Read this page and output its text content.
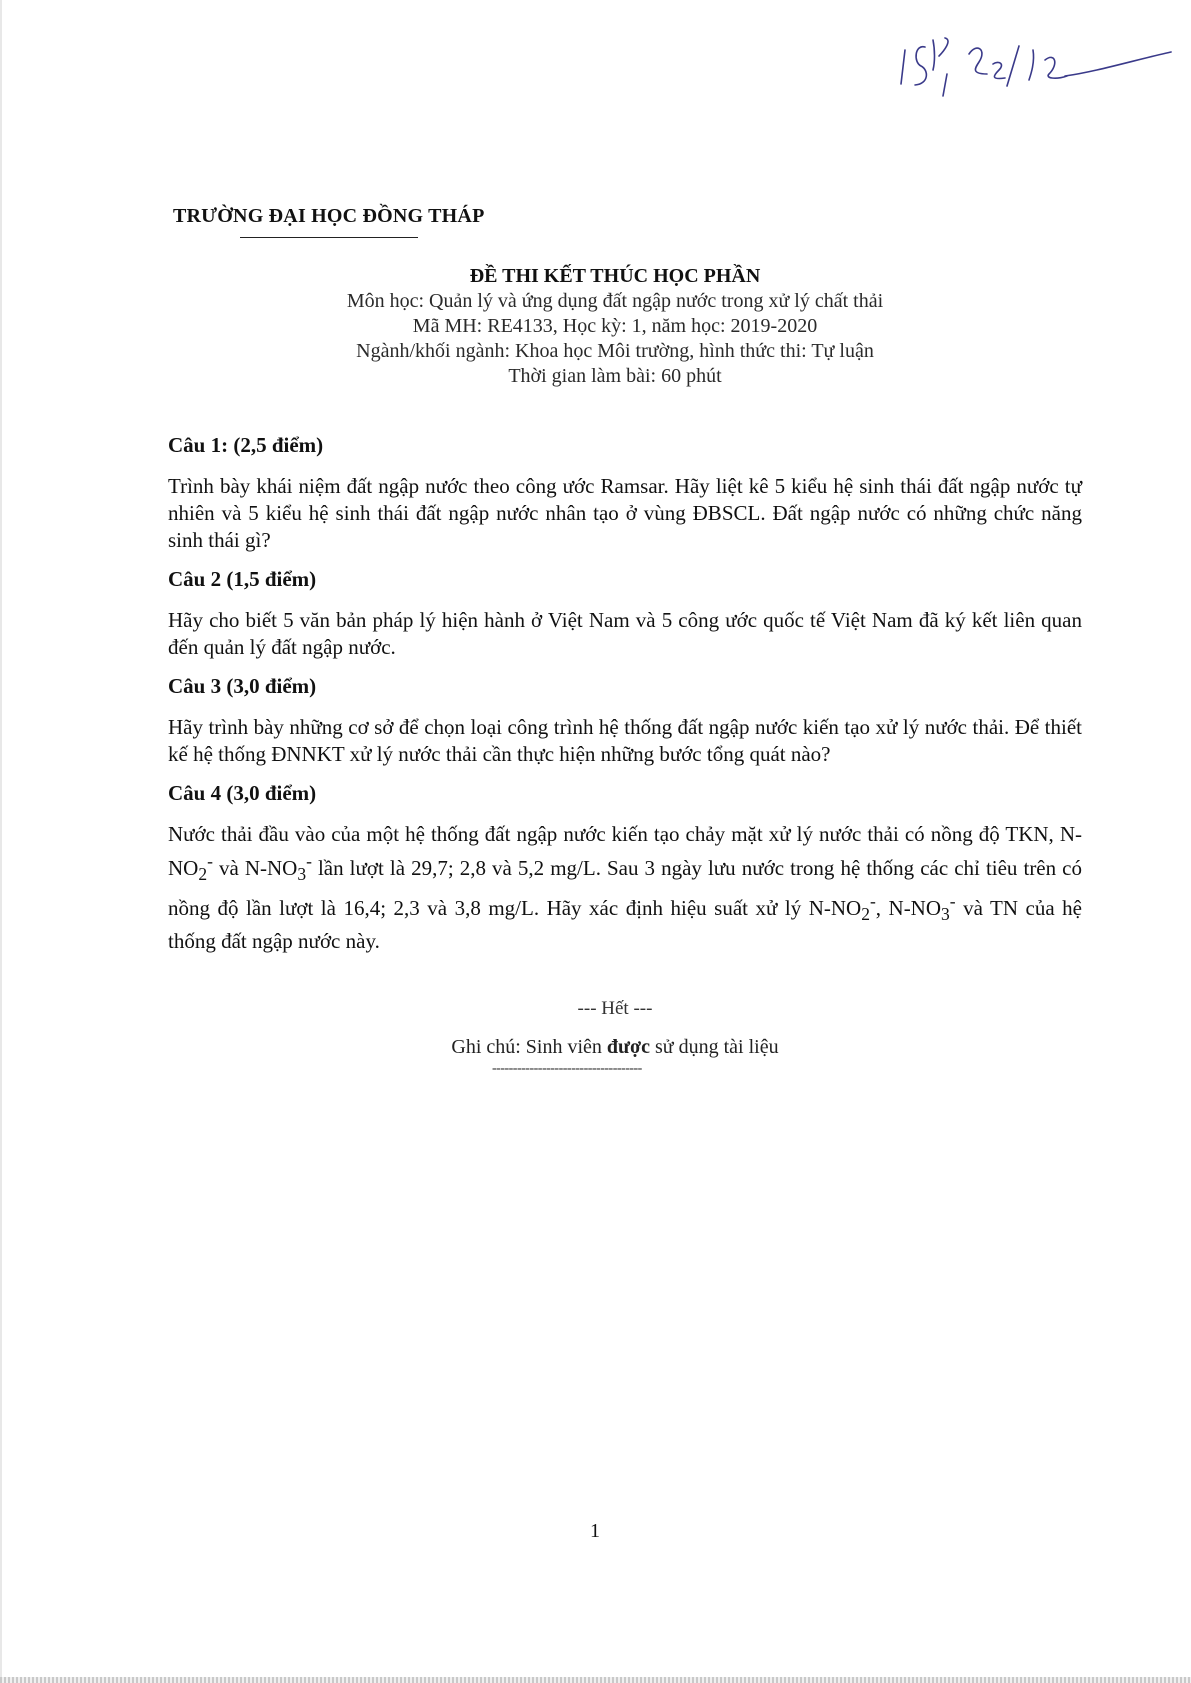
TRƯỜNG ĐẠI HỌC ĐỒNG THÁP
ĐỀ THI KẾT THÚC HỌC PHẦN
Môn học: Quản lý và ứng dụng đất ngập nước trong xử lý chất thải
Mã MH: RE4133, Học kỳ: 1, năm học: 2019-2020
Ngành/khối ngành: Khoa học Môi trường, hình thức thi: Tự luận
Thời gian làm bài: 60 phút
Câu 1: (2,5 điểm)

Trình bày khái niệm đất ngập nước theo công ước Ramsar. Hãy liệt kê 5 kiểu hệ sinh thái đất ngập nước tự nhiên và 5 kiểu hệ sinh thái đất ngập nước nhân tạo ở vùng ĐBSCL. Đất ngập nước có những chức năng sinh thái gì?

Câu 2 (1,5 điểm)

Hãy cho biết 5 văn bản pháp lý hiện hành ở Việt Nam và 5 công ước quốc tế Việt Nam đã ký kết liên quan đến quản lý đất ngập nước.

Câu 3 (3,0 điểm)

Hãy trình bày những cơ sở để chọn loại công trình hệ thống đất ngập nước kiến tạo xử lý nước thải. Để thiết kế hệ thống ĐNNKT xử lý nước thải cần thực hiện những bước tổng quát nào?

Câu 4 (3,0 điểm)

Nước thải đầu vào của một hệ thống đất ngập nước kiến tạo chảy mặt xử lý nước thải có nồng độ TKN, $N-NO_2^-$ và $N-NO_3^-$ lần lượt là 29,7; 2,8 và 5,2 mg/L. Sau 3 ngày lưu nước trong hệ thống các chỉ tiêu trên có nồng độ lần lượt là 16,4; 2,3 và 3,8 mg/L. Hãy xác định hiệu suất xử lý $N-NO_2^-$, $N-NO_3^-$ và TN của hệ thống đất ngập nước này.

--- Hết ---
Ghi chú: Sinh viên được sử dụng tài liệu
------------------------------------
1
